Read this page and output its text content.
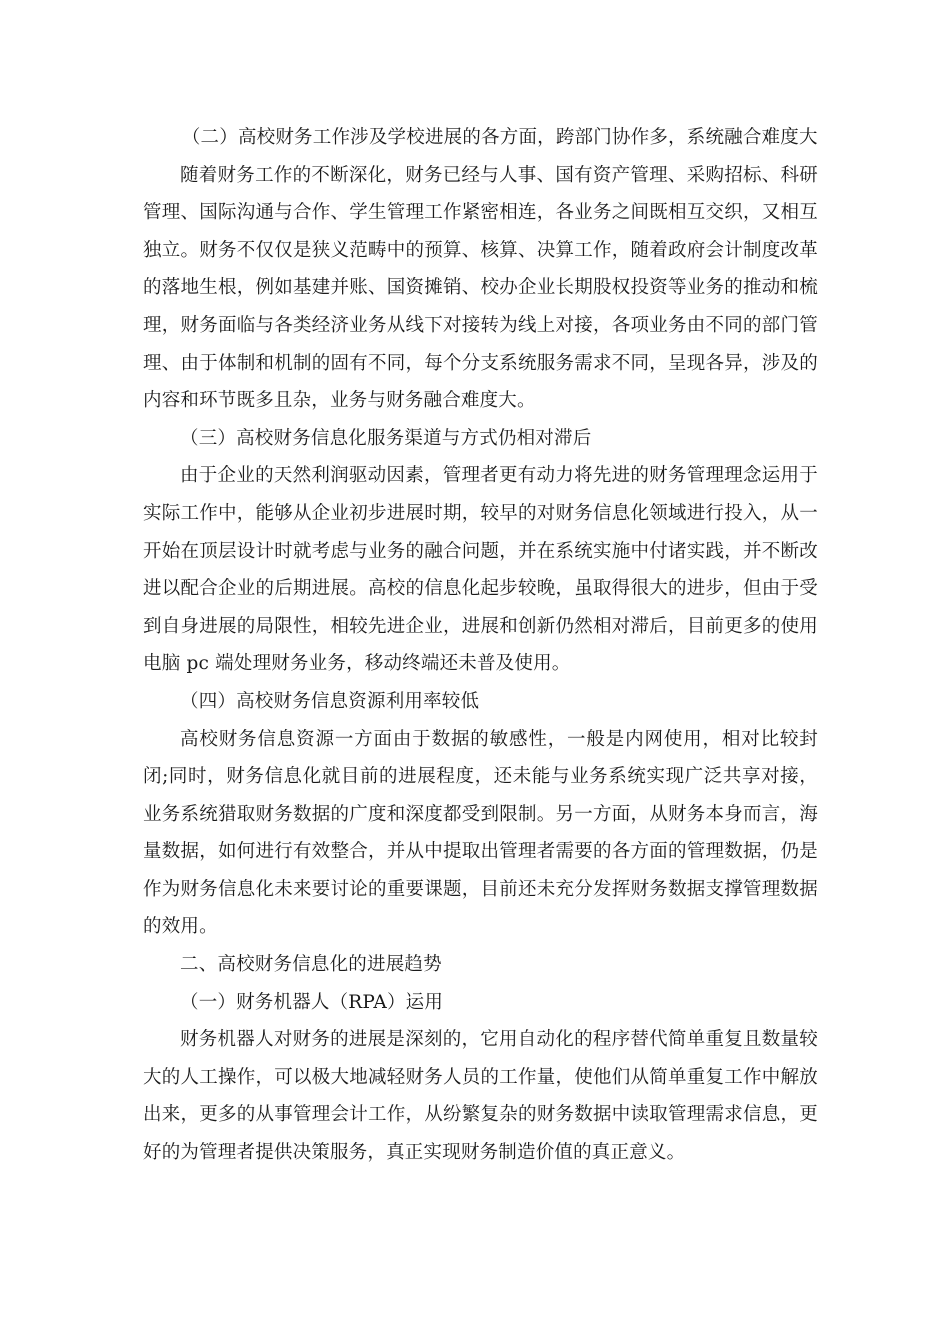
（二）高校财务工作涉及学校进展的各方面，跨部门协作多，系统融合难度大

随着财务工作的不断深化，财务已经与人事、国有资产管理、采购招标、科研管理、国际沟通与合作、学生管理工作紧密相连，各业务之间既相互交织，又相互独立。财务不仅仅是狭义范畴中的预算、核算、决算工作，随着政府会计制度改革的落地生根，例如基建并账、国资摊销、校办企业长期股权投资等业务的推动和梳理，财务面临与各类经济业务从线下对接转为线上对接，各项业务由不同的部门管理、由于体制和机制的固有不同，每个分支系统服务需求不同，呈现各异，涉及的内容和环节既多且杂，业务与财务融合难度大。

（三）高校财务信息化服务渠道与方式仍相对滞后

由于企业的天然利润驱动因素，管理者更有动力将先进的财务管理理念运用于实际工作中，能够从企业初步进展时期，较早的对财务信息化领域进行投入，从一开始在顶层设计时就考虑与业务的融合问题，并在系统实施中付诸实践，并不断改进以配合企业的后期进展。高校的信息化起步较晚，虽取得很大的进步，但由于受到自身进展的局限性，相较先进企业，进展和创新仍然相对滞后，目前更多的使用电脑 pc 端处理财务业务，移动终端还未普及使用。

（四）高校财务信息资源利用率较低

高校财务信息资源一方面由于数据的敏感性，一般是内网使用，相对比较封闭;同时，财务信息化就目前的进展程度，还未能与业务系统实现广泛共享对接，业务系统猎取财务数据的广度和深度都受到限制。另一方面，从财务本身而言，海量数据，如何进行有效整合，并从中提取出管理者需要的各方面的管理数据，仍是作为财务信息化未来要讨论的重要课题，目前还未充分发挥财务数据支撑管理数据的效用。

二、高校财务信息化的进展趋势

（一）财务机器人（RPA）运用

财务机器人对财务的进展是深刻的，它用自动化的程序替代简单重复且数量较大的人工操作，可以极大地减轻财务人员的工作量，使他们从简单重复工作中解放出来，更多的从事管理会计工作，从纷繁复杂的财务数据中读取管理需求信息，更好的为管理者提供决策服务，真正实现财务制造价值的真正意义。
